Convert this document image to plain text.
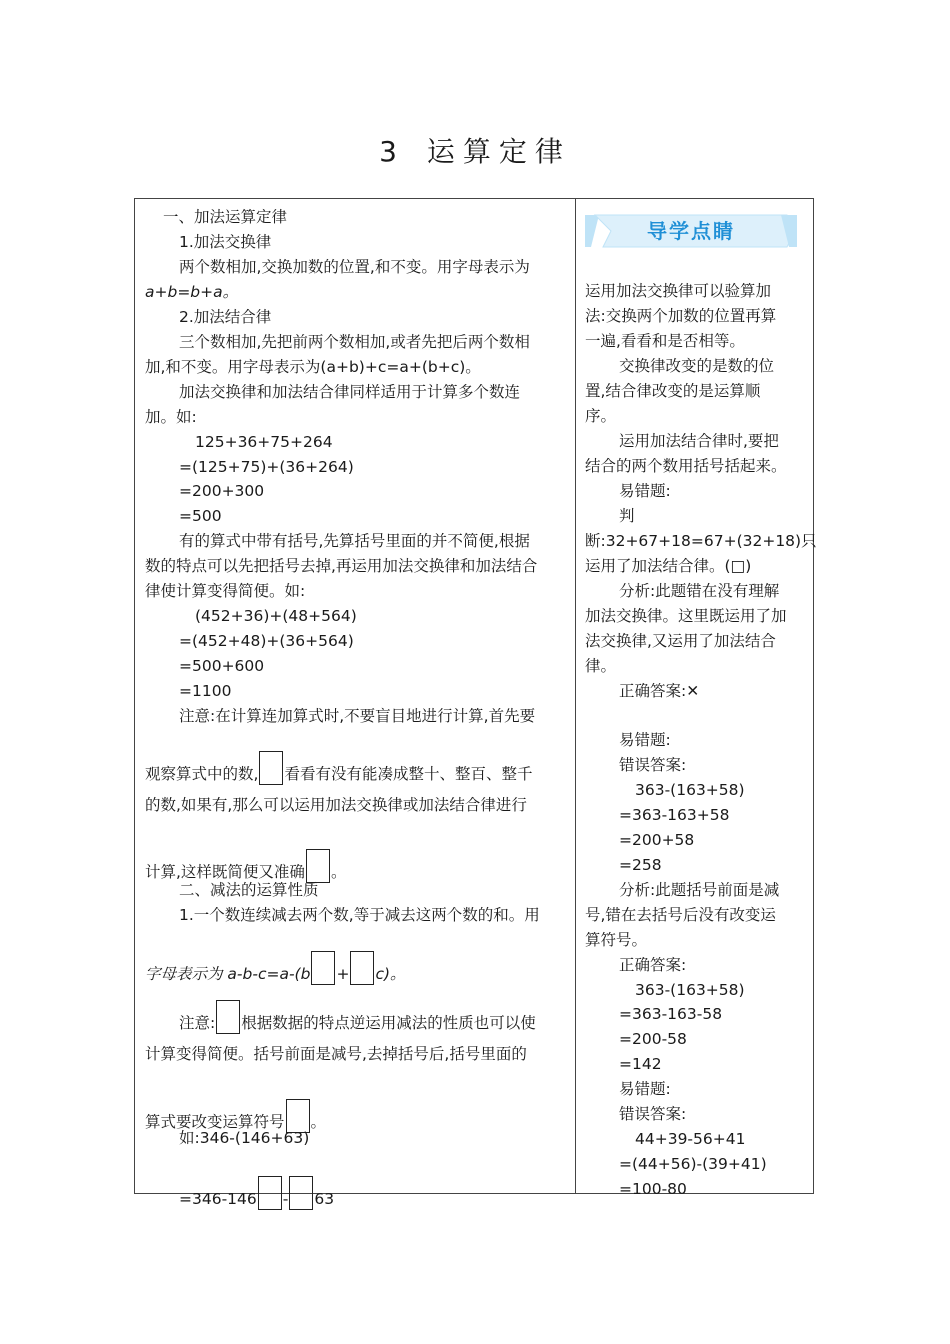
3 运算定律
一、加法运算定律
1.加法交换律
两个数相加,交换加数的位置,和不变。用字母表示为
a+b=b+a。
2.加法结合律
三个数相加,先把前两个数相加,或者先把后两个数相
加,和不变。用字母表示为(a+b)+c=a+(b+c)。
加法交换律和加法结合律同样适用于计算多个数连
加。如:
125+36+75+264
=(125+75)+(36+264)
=200+300
=500
有的算式中带有括号,先算括号里面的并不简便,根据
数的特点可以先把括号去掉,再运用加法交换律和加法结合
律使计算变得简便。如:
(452+36)+(48+564)
=(452+48)+(36+564)
=500+600
=1100
注意:在计算连加算式时,不要盲目地进行计算,首先要
观察算式中的数, 看看有没有能凑成整十、整百、整千
的数,如果有,那么可以运用加法交换律或加法结合律进行
计算,这样既简便又准确 。
二、减法的运算性质
1.一个数连续减去两个数,等于减去这两个数的和。用
字母表示为 a-b-c=a-(b + c)。
注意: 根据数据的特点逆运用减法的性质也可以使
计算变得简便。括号前面是减号,去掉括号后,括号里面的
算式要改变运算符号 。
如:346-(146+63)
=346-146 - 63
导学点睛
运用加法交换律可以验算加
法:交换两个加数的位置再算
一遍,看看和是否相等。
交换律改变的是数的位
置,结合律改变的是运算顺
序。
运用加法结合律时,要把
结合的两个数用括号括起来。
易错题:
判
断:32+67+18=67+(32+18)只
运用了加法结合律。(□)
分析:此题错在没有理解
加法交换律。这里既运用了加
法交换律,又运用了加法结合
律。
正确答案:✕
易错题:
错误答案:
363-(163+58)
=363-163+58
=200+58
=258
分析:此题括号前面是减
号,错在去括号后没有改变运
算符号。
正确答案:
363-(163+58)
=363-163-58
=200-58
=142
易错题:
错误答案:
44+39-56+41
=(44+56)-(39+41)
=100-80
